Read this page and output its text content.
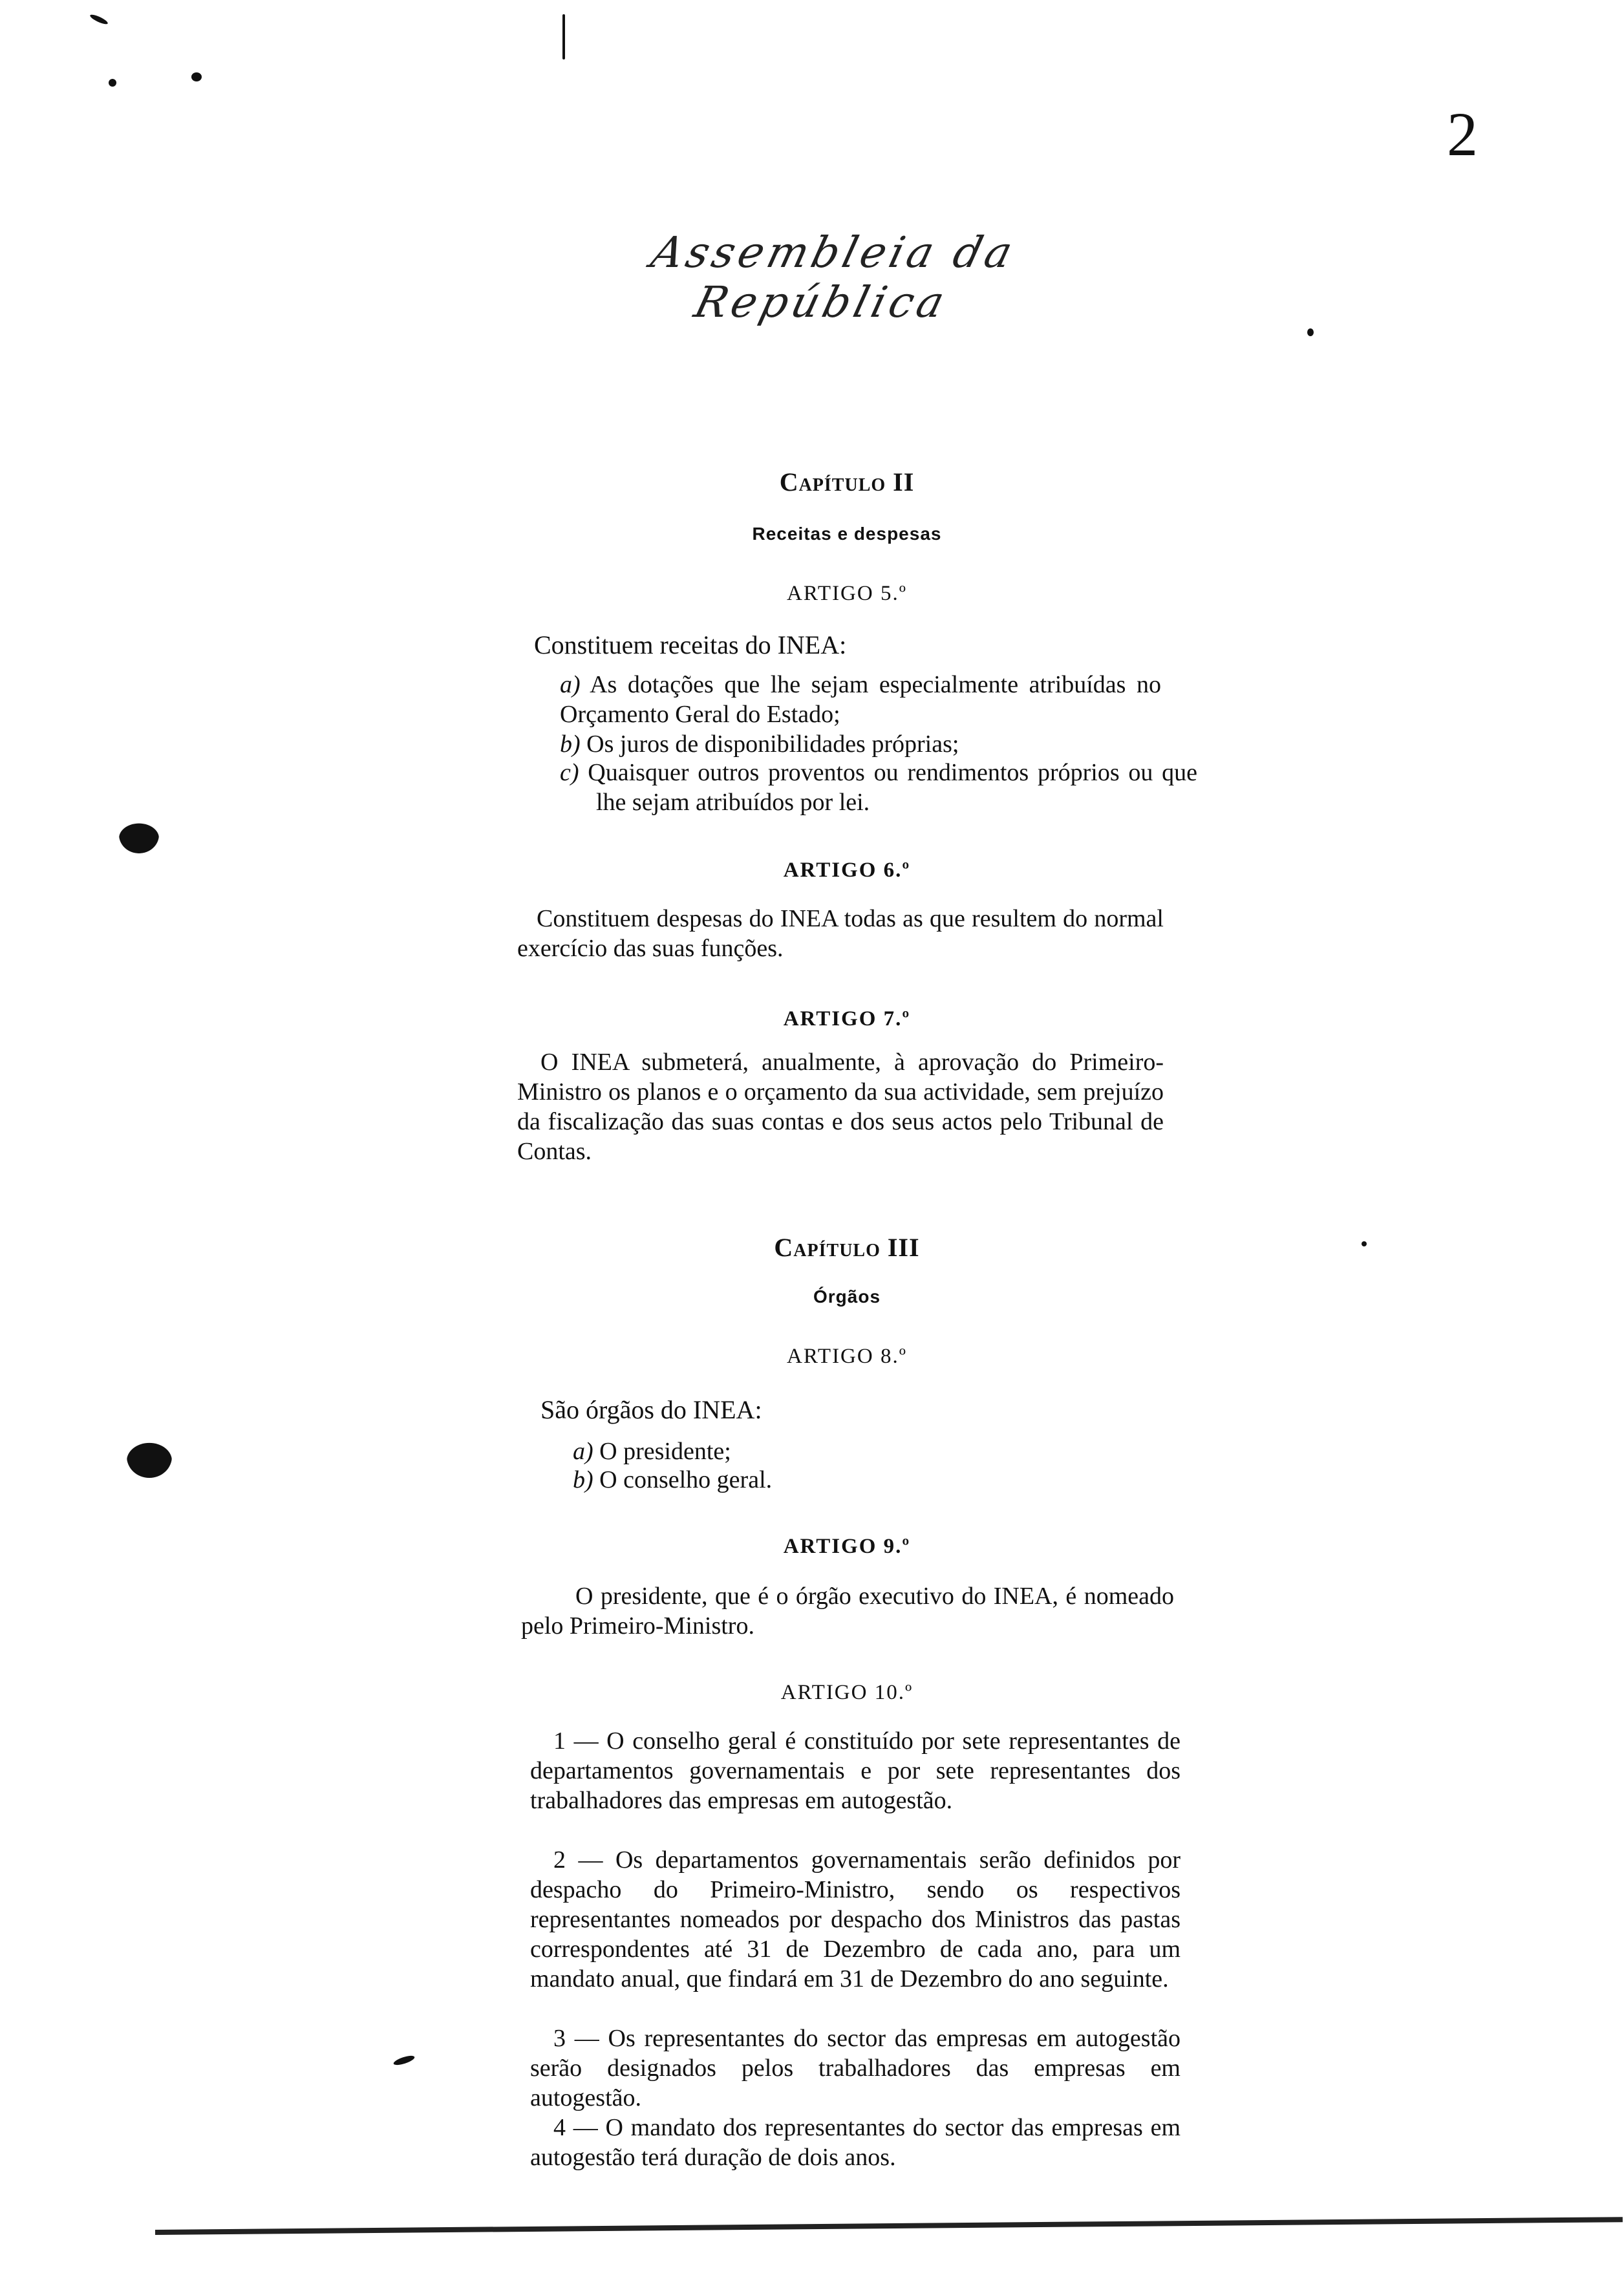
2
Assembleia da República
Capítulo II
Receitas e despesas
ARTIGO 5.º
Constituem receitas do INEA:
a) As dotações que lhe sejam especialmente atribuídas no Orçamento Geral do Estado;
b) Os juros de disponibilidades próprias;
c) Quaisquer outros proventos ou rendimentos próprios ou que lhe sejam atribuídos por lei.
ARTIGO 6.º
Constituem despesas do INEA todas as que resultem do normal exercício das suas funções.
ARTIGO 7.º
O INEA submeterá, anualmente, à aprovação do Primeiro-Ministro os planos e o orçamento da sua actividade, sem prejuízo da fiscalização das suas contas e dos seus actos pelo Tribunal de Contas.
Capítulo III
Órgãos
ARTIGO 8.º
São órgãos do INEA:
a) O presidente;
b) O conselho geral.
ARTIGO 9.º
O presidente, que é o órgão executivo do INEA, é nomeado pelo Primeiro-Ministro.
ARTIGO 10.º
1 — O conselho geral é constituído por sete representantes de departamentos governamentais e por sete representantes dos trabalhadores das empresas em autogestão.
2 — Os departamentos governamentais serão definidos por despacho do Primeiro-Ministro, sendo os respectivos representantes nomeados por despacho dos Ministros das pastas correspondentes até 31 de Dezembro de cada ano, para um mandato anual, que findará em 31 de Dezembro do ano seguinte.
3 — Os representantes do sector das empresas em autogestão serão designados pelos trabalhadores das empresas em autogestão.
4 — O mandato dos representantes do sector das empresas em autogestão terá duração de dois anos.
